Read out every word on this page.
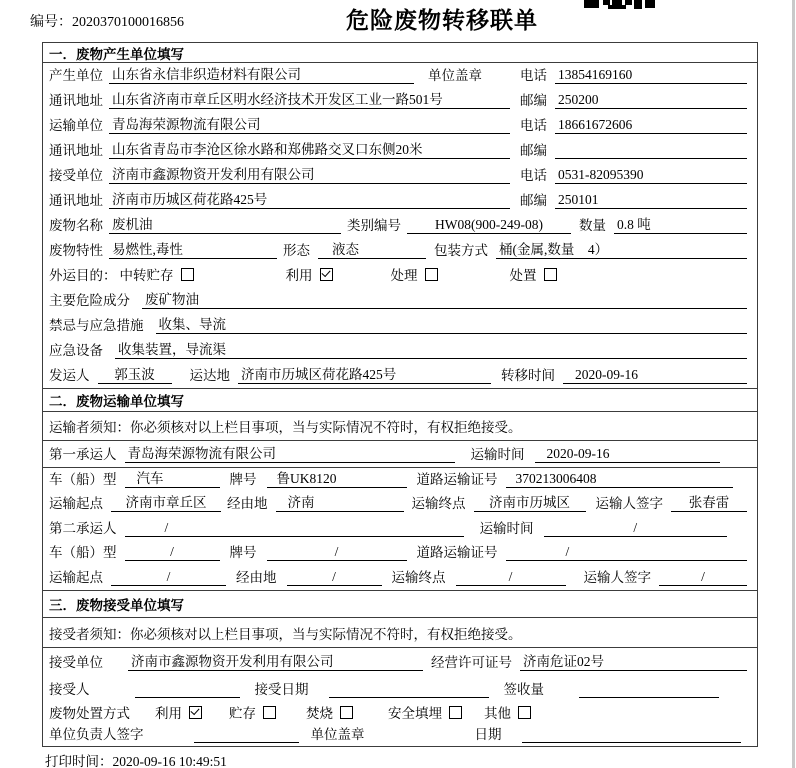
编号：2020370100016856	危险废物转移联单
一．废物产生单位填写
产生单位 山东省永信非织造材料有限公司	单位盖章	电话 13854169160
通讯地址 山东省济南市章丘区明水经济技术开发区工业一路501号	邮编 250200
运输单位 青岛海荣源物流有限公司	电话 18661672606
通讯地址 山东省青岛市李沧区徐水路和郑佛路交叉口东侧20米	邮编
接受单位 济南市鑫源物资开发利用有限公司	电话 0531-82095390
通讯地址 济南市历城区荷花路425号	邮编 250101
废物名称 废机油	类别编号	HW08(900-249-08)	数量 0.8 吨
废物特性 易燃性,毒性	形态	液态	包装方式 桶(金属,数量　4）
外运目的： 中转贮存	利用	处理	处置
主要危险成分 废矿物油
禁忌与应急措施 收集、导流
应急设备 收集装置，导流渠
发运人	郭玉波	运达地 济南市历城区荷花路425号	转移时间	2020-09-16
二．废物运输单位填写
运输者须知：你必须核对以上栏目事项，当与实际情况不符时，有权拒绝接受。
第一承运人 青岛海荣源物流有限公司	运输时间	2020-09-16
车（船）型	汽车	牌号	鲁UK8120	道路运输证号	370213006408
运输起点	济南市章丘区	经由地	济南	运输终点	济南市历城区	运输人签字	张春雷
第二承运人	/	运输时间	/
车（船）型	/	牌号	/	道路运输证号	/
运输起点	/	经由地	/	运输终点	/	运输人签字	/
三．废物接受单位填写
接受者须知：你必须核对以上栏目事项，当与实际情况不符时，有权拒绝接受。
接受单位 济南市鑫源物资开发利用有限公司	经营许可证号 济南危证02号
接受人	接受日期	签收量
废物处置方式 利用	贮存	焚烧	安全填埋	其他
单位负责人签字	单位盖章	日期
打印时间：2020-09-16 10:49:51
